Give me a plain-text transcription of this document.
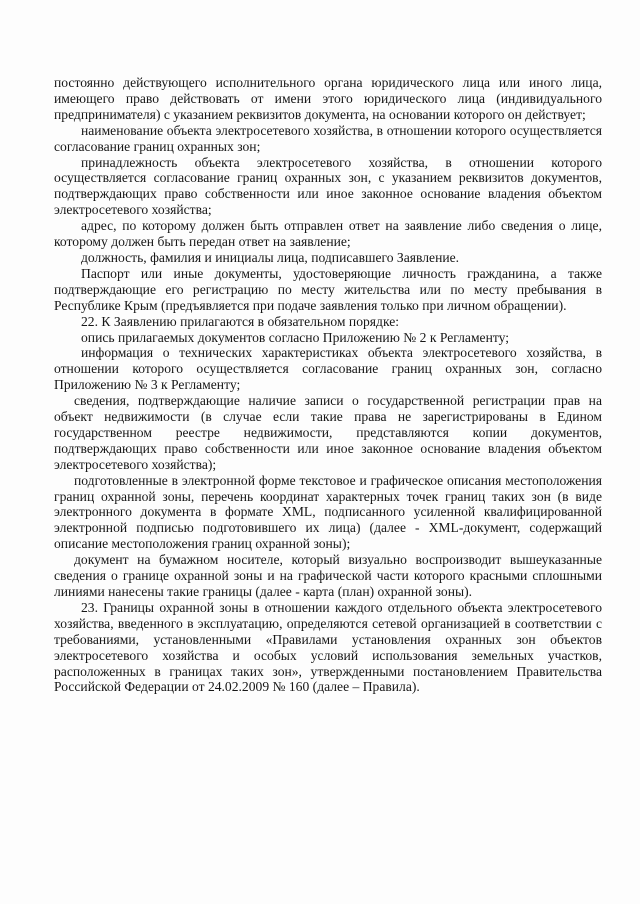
постоянно действующего исполнительного органа юридического лица или иного лица, имеющего право действовать от имени этого юридического лица (индивидуального предпринимателя) с указанием реквизитов документа, на основании которого он действует;

наименование объекта электросетевого хозяйства, в отношении которого осуществляется согласование границ охранных зон;

принадлежность объекта электросетевого хозяйства, в отношении которого осуществляется согласование границ охранных зон, с указанием реквизитов документов, подтверждающих право собственности или иное законное основание владения объектом электросетевого хозяйства;

адрес, по которому должен быть отправлен ответ на заявление либо сведения о лице, которому должен быть передан ответ на заявление;

должность, фамилия и инициалы лица, подписавшего Заявление.

Паспорт или иные документы, удостоверяющие личность гражданина, а также подтверждающие его регистрацию по месту жительства или по месту пребывания в Республике Крым (предъявляется при подаче заявления только при личном обращении).

22. К Заявлению прилагаются в обязательном порядке:

опись прилагаемых документов согласно Приложению № 2 к Регламенту;

информация о технических характеристиках объекта электросетевого хозяйства, в отношении которого осуществляется согласование границ охранных зон, согласно Приложению № 3 к Регламенту;

сведения, подтверждающие наличие записи о государственной регистрации прав на объект недвижимости (в случае если такие права не зарегистрированы в Едином государственном реестре недвижимости, представляются копии документов, подтверждающих право собственности или иное законное основание владения объектом электросетевого хозяйства);

подготовленные в электронной форме текстовое и графическое описания местоположения границ охранной зоны, перечень координат характерных точек границ таких зон (в виде электронного документа в формате XML, подписанного усиленной квалифицированной электронной подписью подготовившего их лица) (далее - XML-документ, содержащий описание местоположения границ охранной зоны);

документ на бумажном носителе, который визуально воспроизводит вышеуказанные сведения о границе охранной зоны и на графической части которого красными сплошными линиями нанесены такие границы (далее - карта (план) охранной зоны).

23. Границы охранной зоны в отношении каждого отдельного объекта электросетевого хозяйства, введенного в эксплуатацию, определяются сетевой организацией в соответствии с требованиями, установленными «Правилами установления охранных зон объектов электросетевого хозяйства и особых условий использования земельных участков, расположенных в границах таких зон», утвержденными постановлением Правительства Российской Федерации от 24.02.2009 № 160 (далее – Правила).
